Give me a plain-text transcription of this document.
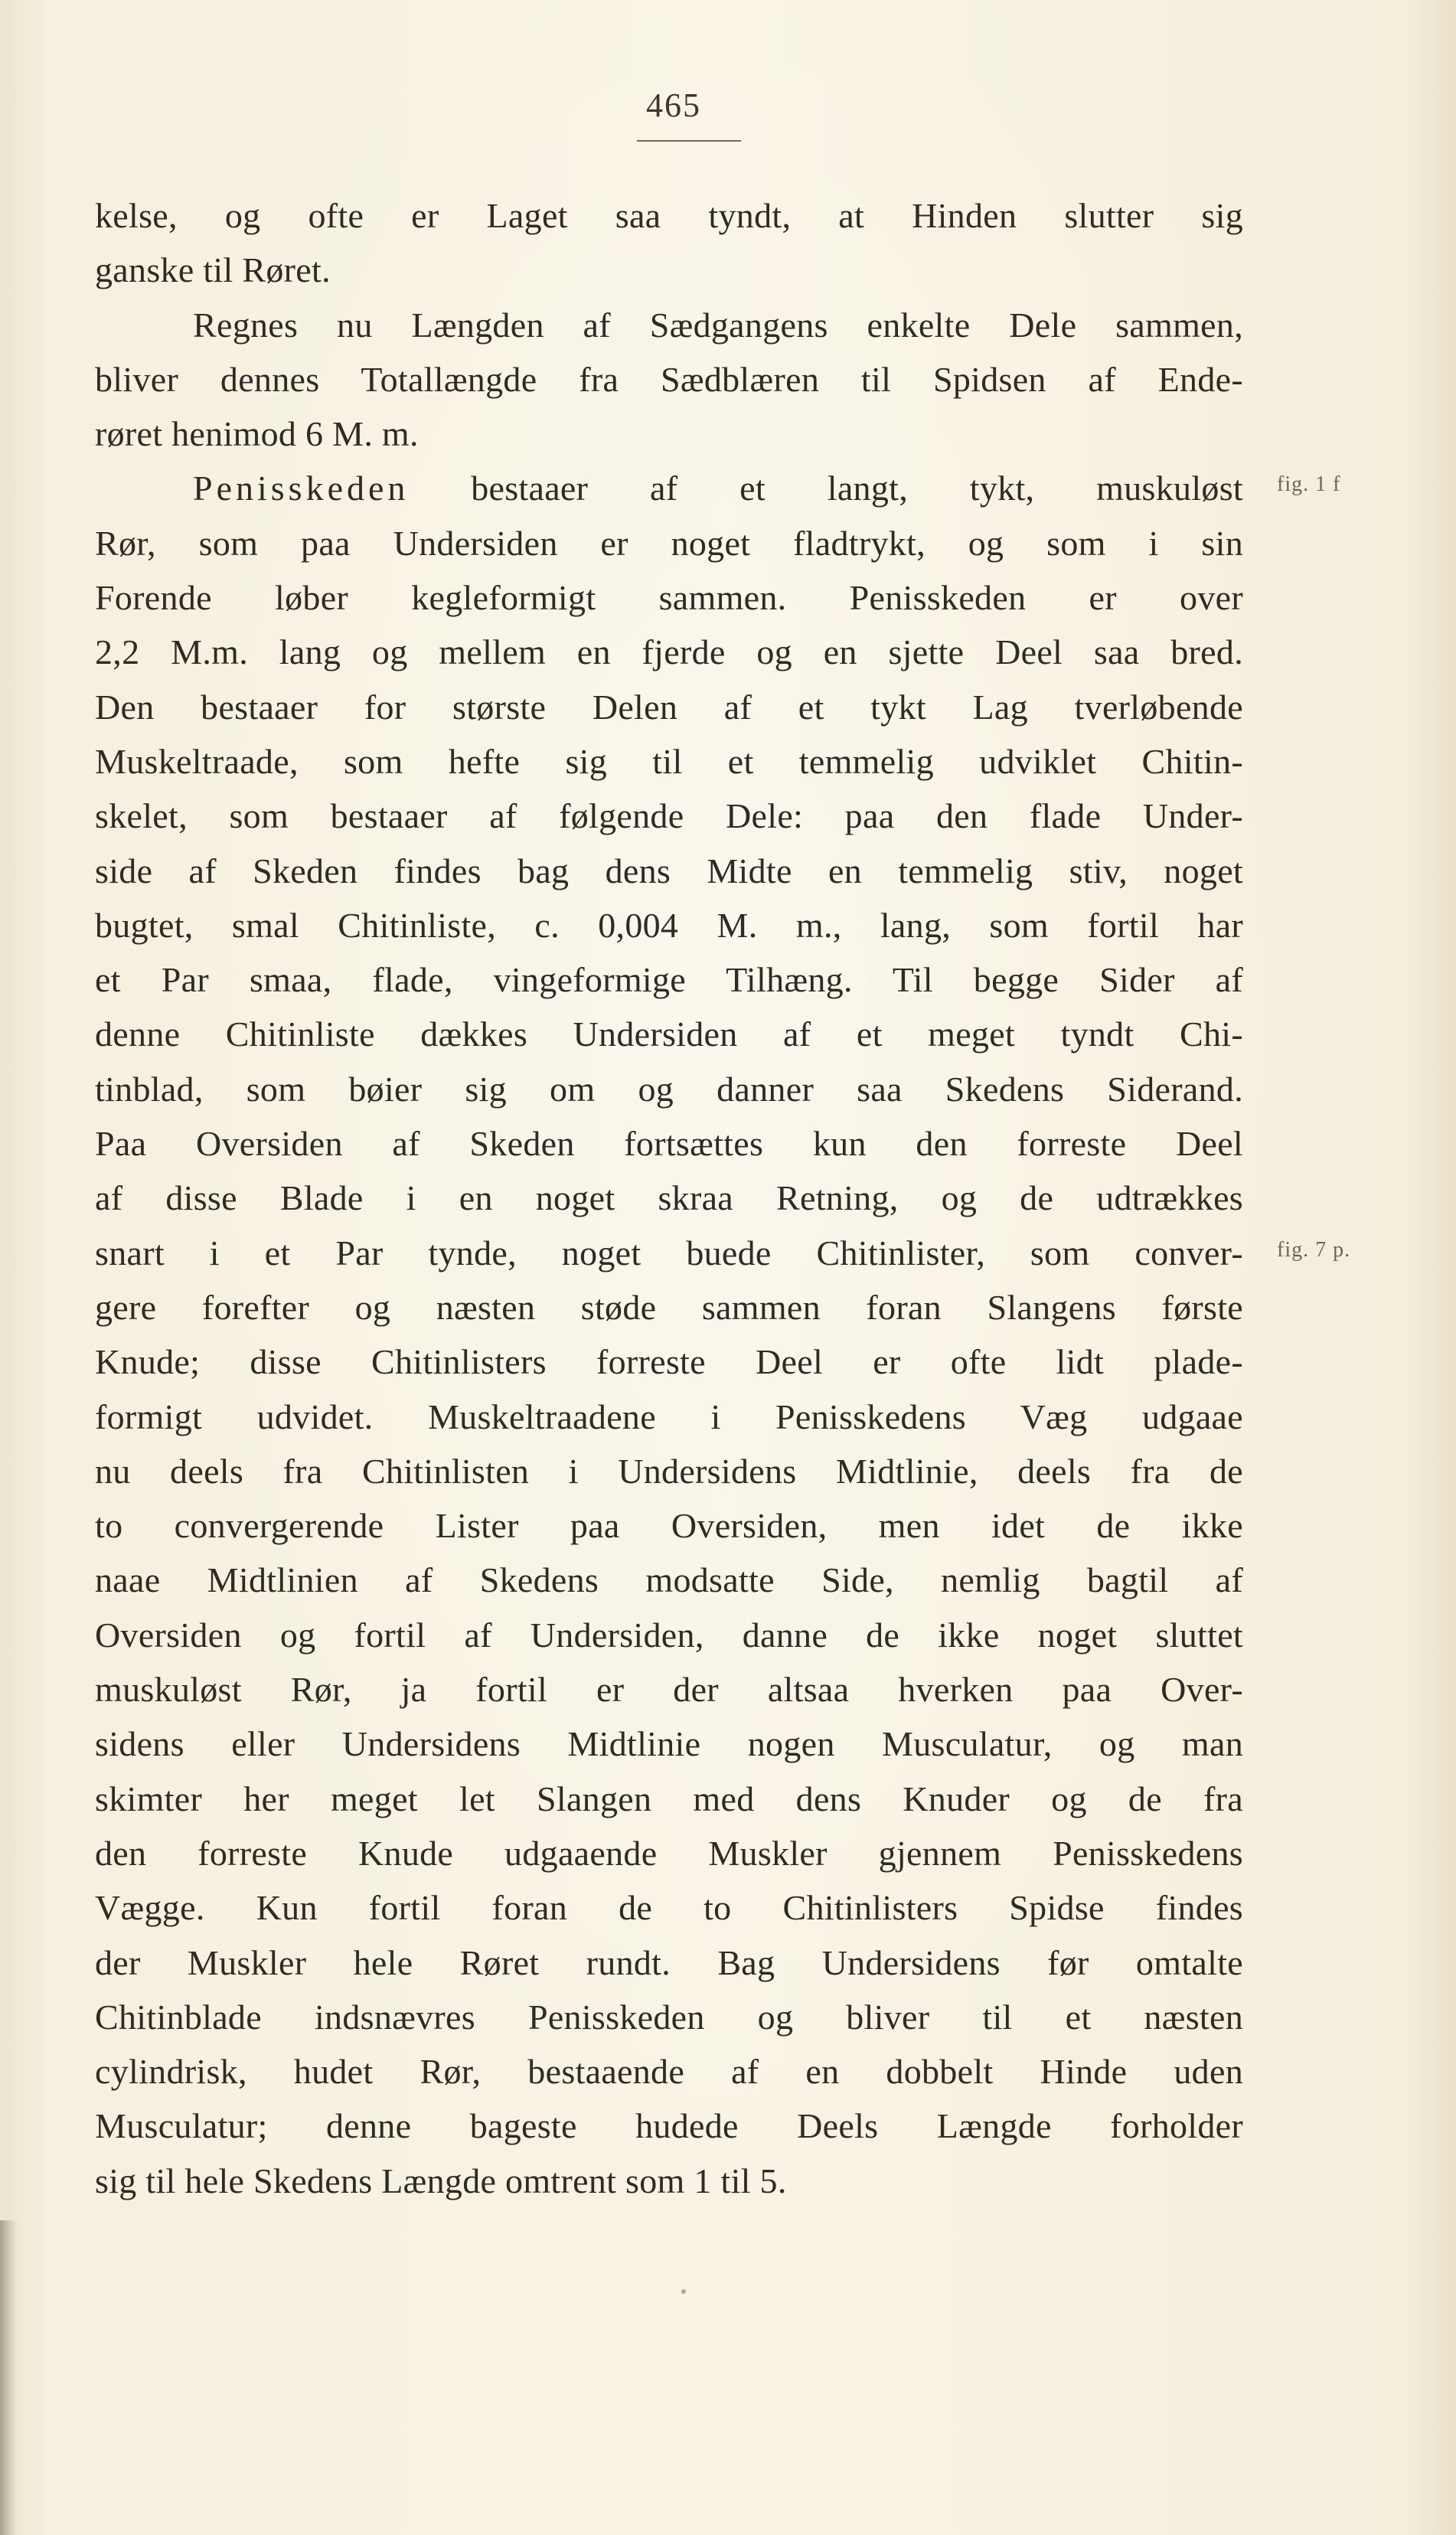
465
kelse, og ofte er Laget saa tyndt, at Hinden slutter sig
ganske til Røret.
Regnes nu Længden af Sædgangens enkelte Dele sammen,
bliver dennes Totallængde fra Sædblæren til Spidsen af Ende-
røret henimod 6 M. m.
Penisskeden bestaaer af et langt, tykt, muskuløst
Rør, som paa Undersiden er noget fladtrykt, og som i sin
Forende løber kegleformigt sammen. Penisskeden er over
2,2 M.m. lang og mellem en fjerde og en sjette Deel saa bred.
Den bestaaer for største Delen af et tykt Lag tverløbende
Muskeltraade, som hefte sig til et temmelig udviklet Chitin-
skelet, som bestaaer af følgende Dele: paa den flade Under-
side af Skeden findes bag dens Midte en temmelig stiv, noget
bugtet, smal Chitinliste, c. 0,004 M. m., lang, som fortil har
et Par smaa, flade, vingeformige Tilhæng. Til begge Sider af
denne Chitinliste dækkes Undersiden af et meget tyndt Chi-
tinblad, som bøier sig om og danner saa Skedens Siderand.
Paa Oversiden af Skeden fortsættes kun den forreste Deel
af disse Blade i en noget skraa Retning, og de udtrækkes
snart i et Par tynde, noget buede Chitinlister, som conver-
gere forefter og næsten støde sammen foran Slangens første
Knude; disse Chitinlisters forreste Deel er ofte lidt plade-
formigt udvidet. Muskeltraadene i Penisskedens Væg udgaae
nu deels fra Chitinlisten i Undersidens Midtlinie, deels fra de
to convergerende Lister paa Oversiden, men idet de ikke
naae Midtlinien af Skedens modsatte Side, nemlig bagtil af
Oversiden og fortil af Undersiden, danne de ikke noget sluttet
muskuløst Rør, ja fortil er der altsaa hverken paa Over-
sidens eller Undersidens Midtlinie nogen Musculatur, og man
skimter her meget let Slangen med dens Knuder og de fra
den forreste Knude udgaaende Muskler gjennem Penisskedens
Vægge. Kun fortil foran de to Chitinlisters Spidse findes
der Muskler hele Røret rundt. Bag Undersidens før omtalte
Chitinblade indsnævres Penisskeden og bliver til et næsten
cylindrisk, hudet Rør, bestaaende af en dobbelt Hinde uden
Musculatur; denne bageste hudede Deels Længde forholder
sig til hele Skedens Længde omtrent som 1 til 5.
fig. 1 f
fig. 7 p.
